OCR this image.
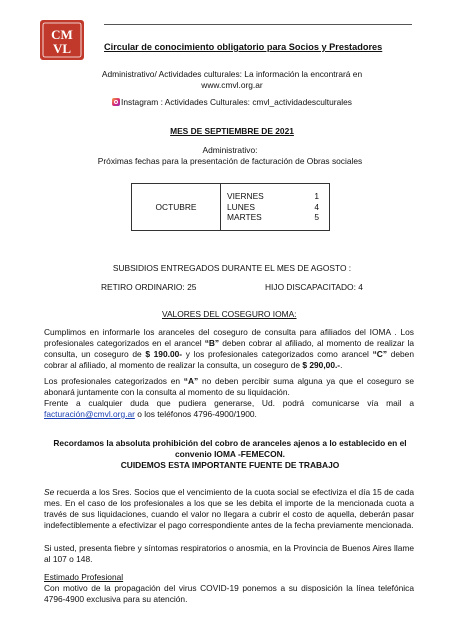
CM
VL	Circular de conocimiento obligatorio para Socios y Prestadores
Administrativo/ Actividades culturales: La información la encontrará en
www.cmvl.org.ar
Instagram : Actividades Culturales: cmvl_actividadesculturales
MES DE SEPTIEMBRE DE 2021
Administrativo:
Próximas fechas para la presentación de facturación de Obras sociales
OCTUBRE	
VIERNES	1
LUNES	4
MARTES	5
SUBSIDIOS ENTREGADOS DURANTE EL MES DE AGOSTO :
RETIRO ORDINARIO: 25	HIJO DISCAPACITADO: 4
VALORES DEL COSEGURO IOMA:
Cumplimos en informarle los aranceles del coseguro de consulta para afiliados del IOMA . Los profesionales categorizados en el arancel “B” deben cobrar al afiliado, al momento de realizar la consulta, un coseguro de $ 190.00- y los profesionales categorizados como arancel “C” deben cobrar al afiliado, al momento de realizar la consulta, un coseguro de $ 290,00.-.
Los profesionales categorizados en “A” no deben percibir suma alguna ya que el coseguro se abonará juntamente con la consulta al momento de su liquidación.
Frente a cualquier duda que pudiera generarse, Ud. podrá comunicarse vía mail a facturación@cmvl.org.ar o los teléfonos 4796-4900/1900.
Recordamos la absoluta prohibición del cobro de aranceles ajenos a lo establecido en el
convenio IOMA -FEMECON.
CUIDEMOS ESTA IMPORTANTE FUENTE DE TRABAJO
Se recuerda a los Sres. Socios que el vencimiento de la cuota social se efectiviza el día 15 de cada mes. En el caso de los profesionales a los que se les debita el importe de la mencionada cuota a través de sus liquidaciones, cuando el valor no llegara a cubrir el costo de aquella, deberán pasar indefectiblemente a efectivizar el pago correspondiente antes de la fecha previamente mencionada.
Si usted, presenta fiebre y síntomas respiratorios o anosmia, en la Provincia de Buenos Aires llame al 107 o 148.
Estimado Profesional
Con motivo de la propagación del virus COVID-19 ponemos a su disposición la línea telefónica 4796-4900 exclusiva para su atención.
